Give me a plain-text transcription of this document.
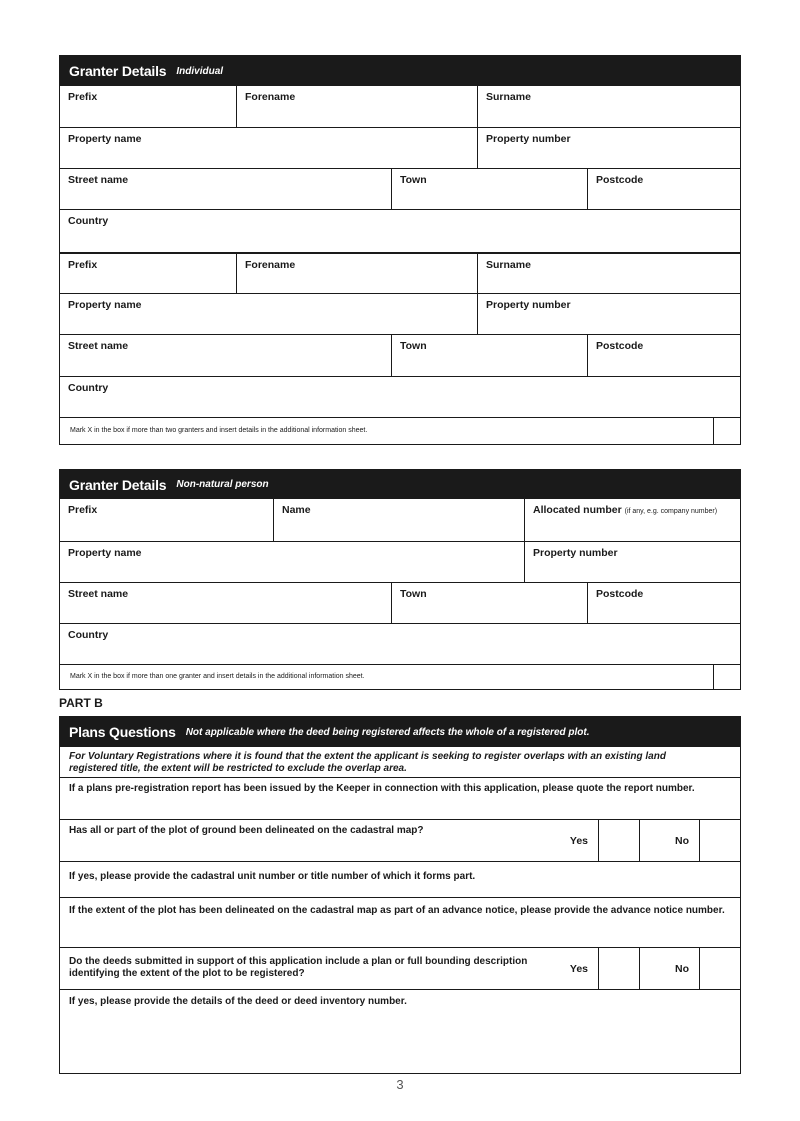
Granter Details Individual
Prefix	Forename	Surname
Property name	Property number
Street name	Town	Postcode
Country
Prefix	Forename	Surname
Property name	Property number
Street name	Town	Postcode
Country
Mark X in the box if more than two granters and insert details in the additional information sheet.
Granter Details Non-natural person
Prefix	Name	Allocated number (if any, e.g. company number)
Property name	Property number
Street name	Town	Postcode
Country
Mark X in the box if more than one granter and insert details in the additional information sheet.
PART B
Plans Questions Not applicable where the deed being registered affects the whole of a registered plot.
For Voluntary Registrations where it is found that the extent the applicant is seeking to register overlaps with an existing land registered title, the extent will be restricted to exclude the overlap area.
If a plans pre-registration report has been issued by the Keeper in connection with this application, please quote the report number.
Has all or part of the plot of ground been delineated on the cadastral map?
Yes	No
If yes, please provide the cadastral unit number or title number of which it forms part.
If the extent of the plot has been delineated on the cadastral map as part of an advance notice, please provide the advance notice number.
Do the deeds submitted in support of this application include a plan or full bounding description identifying the extent of the plot to be registered?	Yes	No
If yes, please provide the details of the deed or deed inventory number.
3
